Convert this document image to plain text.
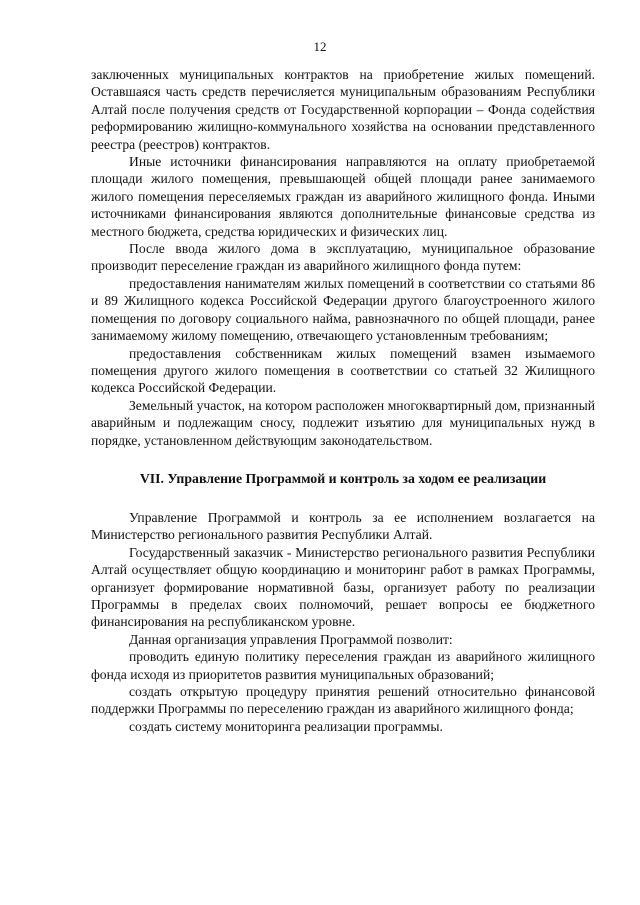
12

заключенных муниципальных контрактов на приобретение жилых помещений. Оставшаяся часть средств перечисляется муниципальным образованиям Республики Алтай после получения средств от Государственной корпорации – Фонда содействия реформированию жилищно-коммунального хозяйства на основании представленного реестра (реестров) контрактов.

Иные источники финансирования направляются на оплату приобретаемой площади жилого помещения, превышающей общей площади ранее занимаемого жилого помещения переселяемых граждан из аварийного жилищного фонда. Иными источниками финансирования являются дополнительные финансовые средства из местного бюджета, средства юридических и физических лиц.

После ввода жилого дома в эксплуатацию, муниципальное образование производит переселение граждан из аварийного жилищного фонда путем:

предоставления нанимателям жилых помещений в соответствии со статьями 86 и 89 Жилищного кодекса Российской Федерации другого благоустроенного жилого помещения по договору социального найма, равнозначного по общей площади, ранее занимаемому жилому помещению, отвечающего установленным требованиям;

предоставления собственникам жилых помещений взамен изымаемого помещения другого жилого помещения в соответствии со статьей 32 Жилищного кодекса Российской Федерации.

Земельный участок, на котором расположен многоквартирный дом, признанный аварийным и подлежащим сносу, подлежит изъятию для муниципальных нужд в порядке, установленном действующим законодательством.

VII. Управление Программой и контроль за ходом ее реализации

Управление Программой и контроль за ее исполнением возлагается на Министерство регионального развития Республики Алтай.

Государственный заказчик - Министерство регионального развития Республики Алтай осуществляет общую координацию и мониторинг работ в рамках Программы, организует формирование нормативной базы, организует работу по реализации Программы в пределах своих полномочий, решает вопросы ее бюджетного финансирования на республиканском уровне.

Данная организация управления Программой позволит:

проводить единую политику переселения граждан из аварийного жилищного фонда исходя из приоритетов развития муниципальных образований;

создать открытую процедуру принятия решений относительно финансовой поддержки Программы по переселению граждан из аварийного жилищного фонда;

создать систему мониторинга реализации программы.
